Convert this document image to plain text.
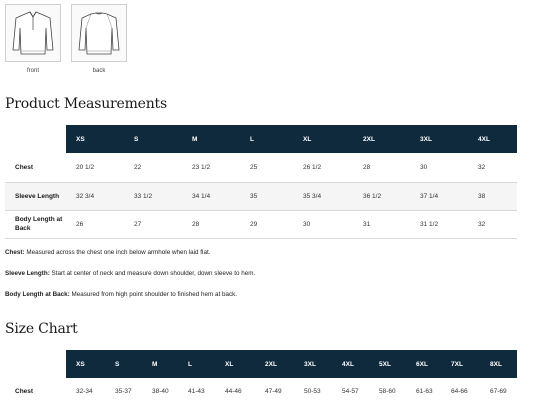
front	back
Product Measurements
	XS	S	M	L	XL	2XL	3XL	4XL
Chest	20 1/2	22	23 1/2	25	26 1/2	28	30	32
Sleeve Length	32 3/4	33 1/2	34 1/4	35	35 3/4	36 1/2	37 1/4	38
Body Length at Back	26	27	28	29	30	31	31 1/2	32
Chest: Measured across the chest one inch below armhole when laid flat.
Sleeve Length: Start at center of neck and measure down shoulder, down sleeve to hem.
Body Length at Back: Measured from high point shoulder to finished hem at back.
Size Chart
	XS	S	M	L	XL	2XL	3XL	4XL	5XL	6XL	7XL	8XL
Chest	32-34	35-37	38-40	41-43	44-46	47-49	50-53	54-57	58-60	61-63	64-66	67-69
